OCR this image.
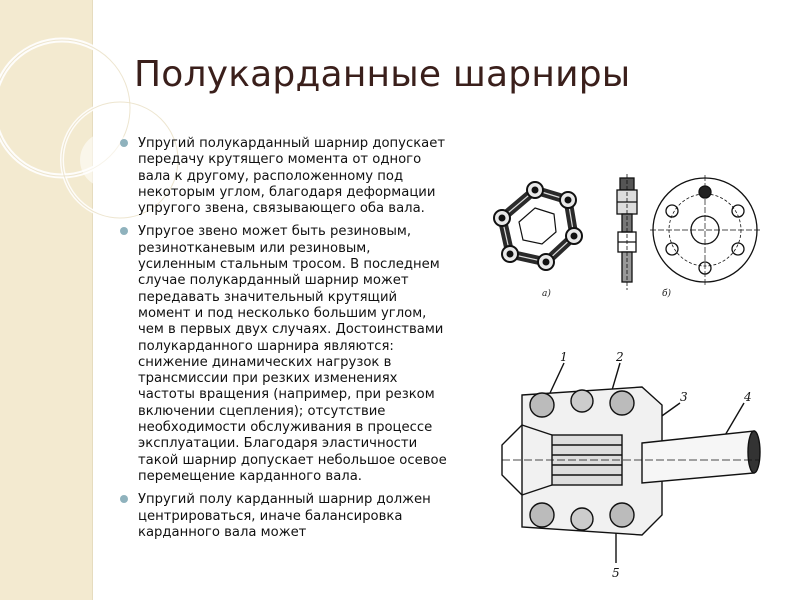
Полукарданные шарниры
Упругий полукарданный шарнир допускает передачу крутящего момента от одного вала к другому, расположенному под некоторым углом, благодаря деформации упругого звена, связывающего оба вала.
Упругое звено может быть резиновым, резинотканевым или резиновым, усиленным стальным тросом. В последнем случае полукарданный шарнир может передавать значительный крутящий момент и под несколько большим углом, чем в первых двух случаях. Достоинствами полукарданного шарнира являются: снижение динамических нагрузок в трансмиссии при резких изменениях частоты вращения (например, при резком включении сцепления); отсутствие необходимости обслуживания в процессе эксплуатации. Благодаря эластичности такой шарнир допускает небольшое осевое перемещение карданного вала.
Упругий полу карданный шарнир должен центрироваться, иначе балансировка карданного вала может
а)	б)
1	2
3	4
5
